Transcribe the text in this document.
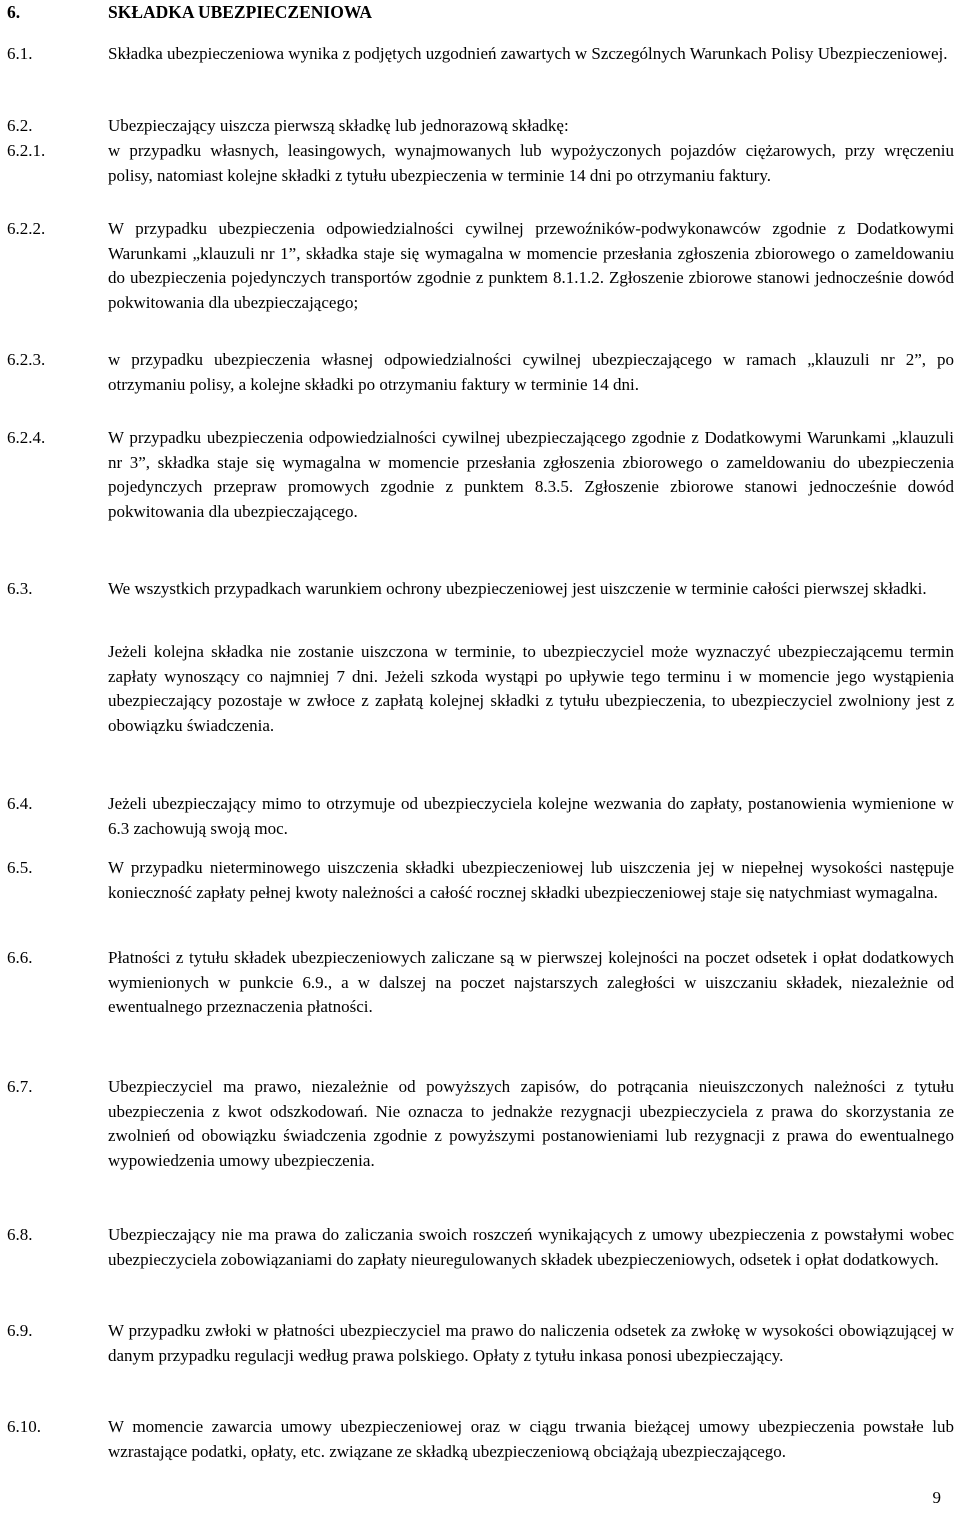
6.	SKŁADKA UBEZPIECZENIOWA
6.1.	Składka ubezpieczeniowa wynika z podjętych uzgodnień zawartych w Szczególnych Warunkach Polisy Ubezpieczeniowej.
6.2.	Ubezpieczający uiszcza pierwszą składkę lub jednorazową składkę:
6.2.1.	w przypadku własnych, leasingowych, wynajmowanych lub wypożyczonych pojazdów ciężarowych, przy wręczeniu polisy, natomiast kolejne składki z tytułu ubezpieczenia w terminie 14 dni po otrzymaniu faktury.
6.2.2.	W przypadku ubezpieczenia odpowiedzialności cywilnej przewoźników-podwykonawców zgodnie z Dodatkowymi Warunkami „klauzuli nr 1”, składka staje się wymagalna w momencie przesłania zgłoszenia zbiorowego o zameldowaniu do ubezpieczenia pojedynczych transportów zgodnie z punktem 8.1.1.2. Zgłoszenie zbiorowe stanowi jednocześnie dowód pokwitowania dla ubezpieczającego;
6.2.3.	w przypadku ubezpieczenia własnej odpowiedzialności cywilnej ubezpieczającego w ramach „klauzuli nr 2”, po otrzymaniu polisy, a kolejne składki po otrzymaniu faktury w terminie 14 dni.
6.2.4.	W przypadku ubezpieczenia odpowiedzialności cywilnej ubezpieczającego zgodnie z Dodatkowymi Warunkami „klauzuli nr 3”, składka staje się wymagalna w momencie przesłania zgłoszenia zbiorowego o zameldowaniu do ubezpieczenia pojedynczych przepraw promowych zgodnie z punktem 8.3.5. Zgłoszenie zbiorowe stanowi jednocześnie dowód pokwitowania dla ubezpieczającego.
6.3.	We wszystkich przypadkach warunkiem ochrony ubezpieczeniowej jest uiszczenie w terminie całości pierwszej składki.
Jeżeli kolejna składka nie zostanie uiszczona w terminie, to ubezpieczyciel może wyznaczyć ubezpieczającemu termin zapłaty wynoszący co najmniej 7 dni. Jeżeli szkoda wystąpi po upływie tego terminu i w momencie jego wystąpienia ubezpieczający pozostaje w zwłoce z zapłatą kolejnej składki z tytułu ubezpieczenia, to ubezpieczyciel zwolniony jest z obowiązku świadczenia.
6.4.	Jeżeli ubezpieczający mimo to otrzymuje od ubezpieczyciela kolejne wezwania do zapłaty, postanowienia wymienione w 6.3 zachowują swoją moc.
6.5.	W przypadku nieterminowego uiszczenia składki ubezpieczeniowej lub uiszczenia jej w niepełnej wysokości następuje konieczność zapłaty pełnej kwoty należności a całość rocznej składki ubezpieczeniowej staje się natychmiast wymagalna.
6.6.	Płatności z tytułu składek ubezpieczeniowych zaliczane są w pierwszej kolejności na poczet odsetek i opłat dodatkowych wymienionych w punkcie 6.9., a w dalszej na poczet najstarszych zaległości w uiszczaniu składek, niezależnie od ewentualnego przeznaczenia płatności.
6.7.	Ubezpieczyciel ma prawo, niezależnie od powyższych zapisów, do potrącania nieuiszczonych należności z tytułu ubezpieczenia z kwot odszkodowań. Nie oznacza to jednakże rezygnacji ubezpieczyciela z prawa do skorzystania ze zwolnień od obowiązku świadczenia zgodnie z powyższymi postanowieniami lub rezygnacji z prawa do ewentualnego wypowiedzenia umowy ubezpieczenia.
6.8.	Ubezpieczający nie ma prawa do zaliczania swoich roszczeń wynikających z umowy ubezpieczenia z powstałymi wobec ubezpieczyciela zobowiązaniami do zapłaty nieuregulowanych składek ubezpieczeniowych, odsetek i opłat dodatkowych.
6.9.	W przypadku zwłoki w płatności ubezpieczyciel ma prawo do naliczenia odsetek za zwłokę w wysokości obowiązującej w danym przypadku regulacji według prawa polskiego. Opłaty z tytułu inkasa ponosi ubezpieczający.
6.10.	W momencie zawarcia umowy ubezpieczeniowej oraz w ciągu trwania bieżącej umowy ubezpieczenia powstałe lub wzrastające podatki, opłaty, etc. związane ze składką ubezpieczeniową obciążają ubezpieczającego.
9
